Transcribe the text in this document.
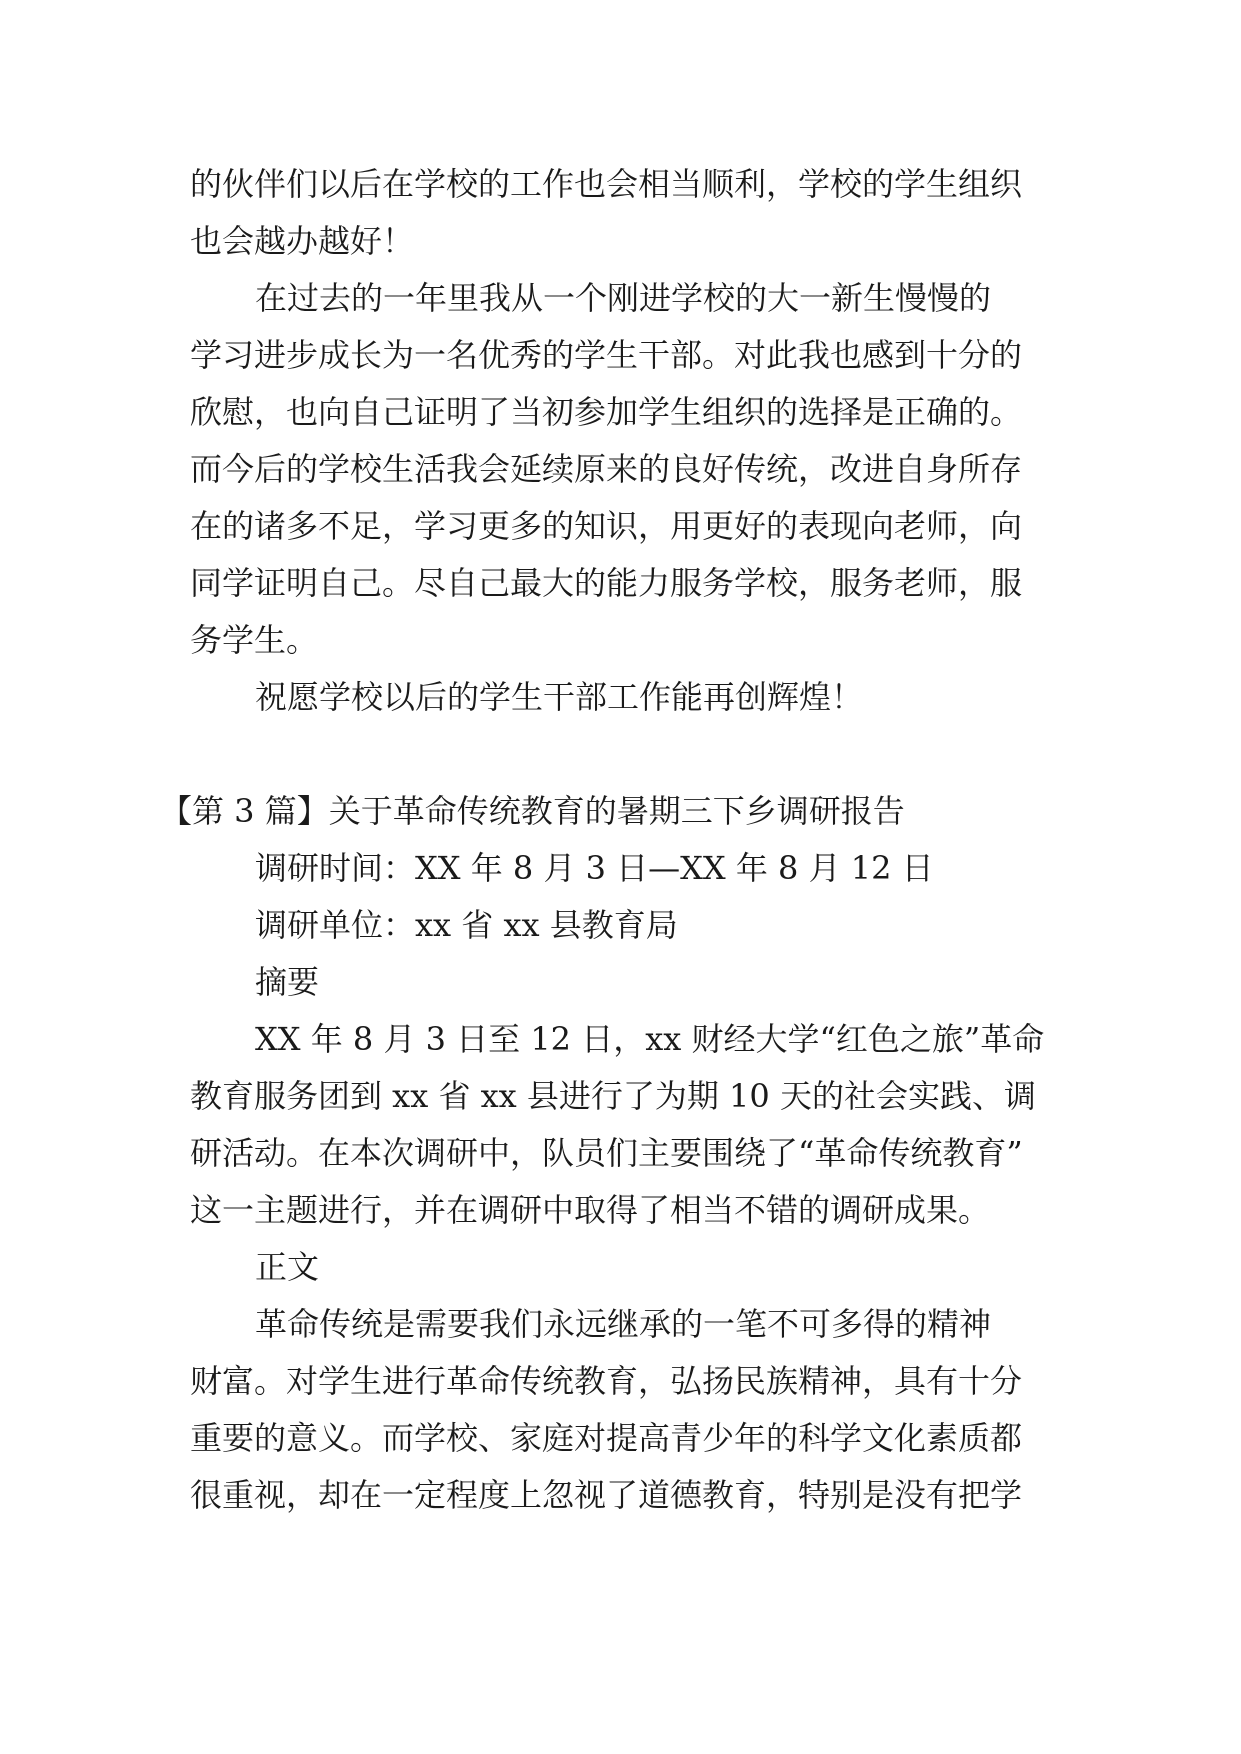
的伙伴们以后在学校的工作也会相当顺利，学校的学生组织

也会越办越好！

在过去的一年里我从一个刚进学校的大一新生慢慢的

学习进步成长为一名优秀的学生干部。对此我也感到十分的

欣慰，也向自己证明了当初参加学生组织的选择是正确的。

而今后的学校生活我会延续原来的良好传统，改进自身所存

在的诸多不足，学习更多的知识，用更好的表现向老师，向

同学证明自己。尽自己最大的能力服务学校，服务老师，服

务学生。

祝愿学校以后的学生干部工作能再创辉煌！

【第 3 篇】关于革命传统教育的暑期三下乡调研报告

调研时间：XX 年 8 月 3 日—XX 年 8 月 12 日

调研单位：xx 省 xx 县教育局

摘要

XX 年 8 月 3 日至 12 日，xx 财经大学“红色之旅”革命

教育服务团到 xx 省 xx 县进行了为期 10 天的社会实践、调

研活动。在本次调研中，队员们主要围绕了“革命传统教育”

这一主题进行，并在调研中取得了相当不错的调研成果。

正文

革命传统是需要我们永远继承的一笔不可多得的精神

财富。对学生进行革命传统教育，弘扬民族精神，具有十分

重要的意义。而学校、家庭对提高青少年的科学文化素质都

很重视，却在一定程度上忽视了道德教育，特别是没有把学
